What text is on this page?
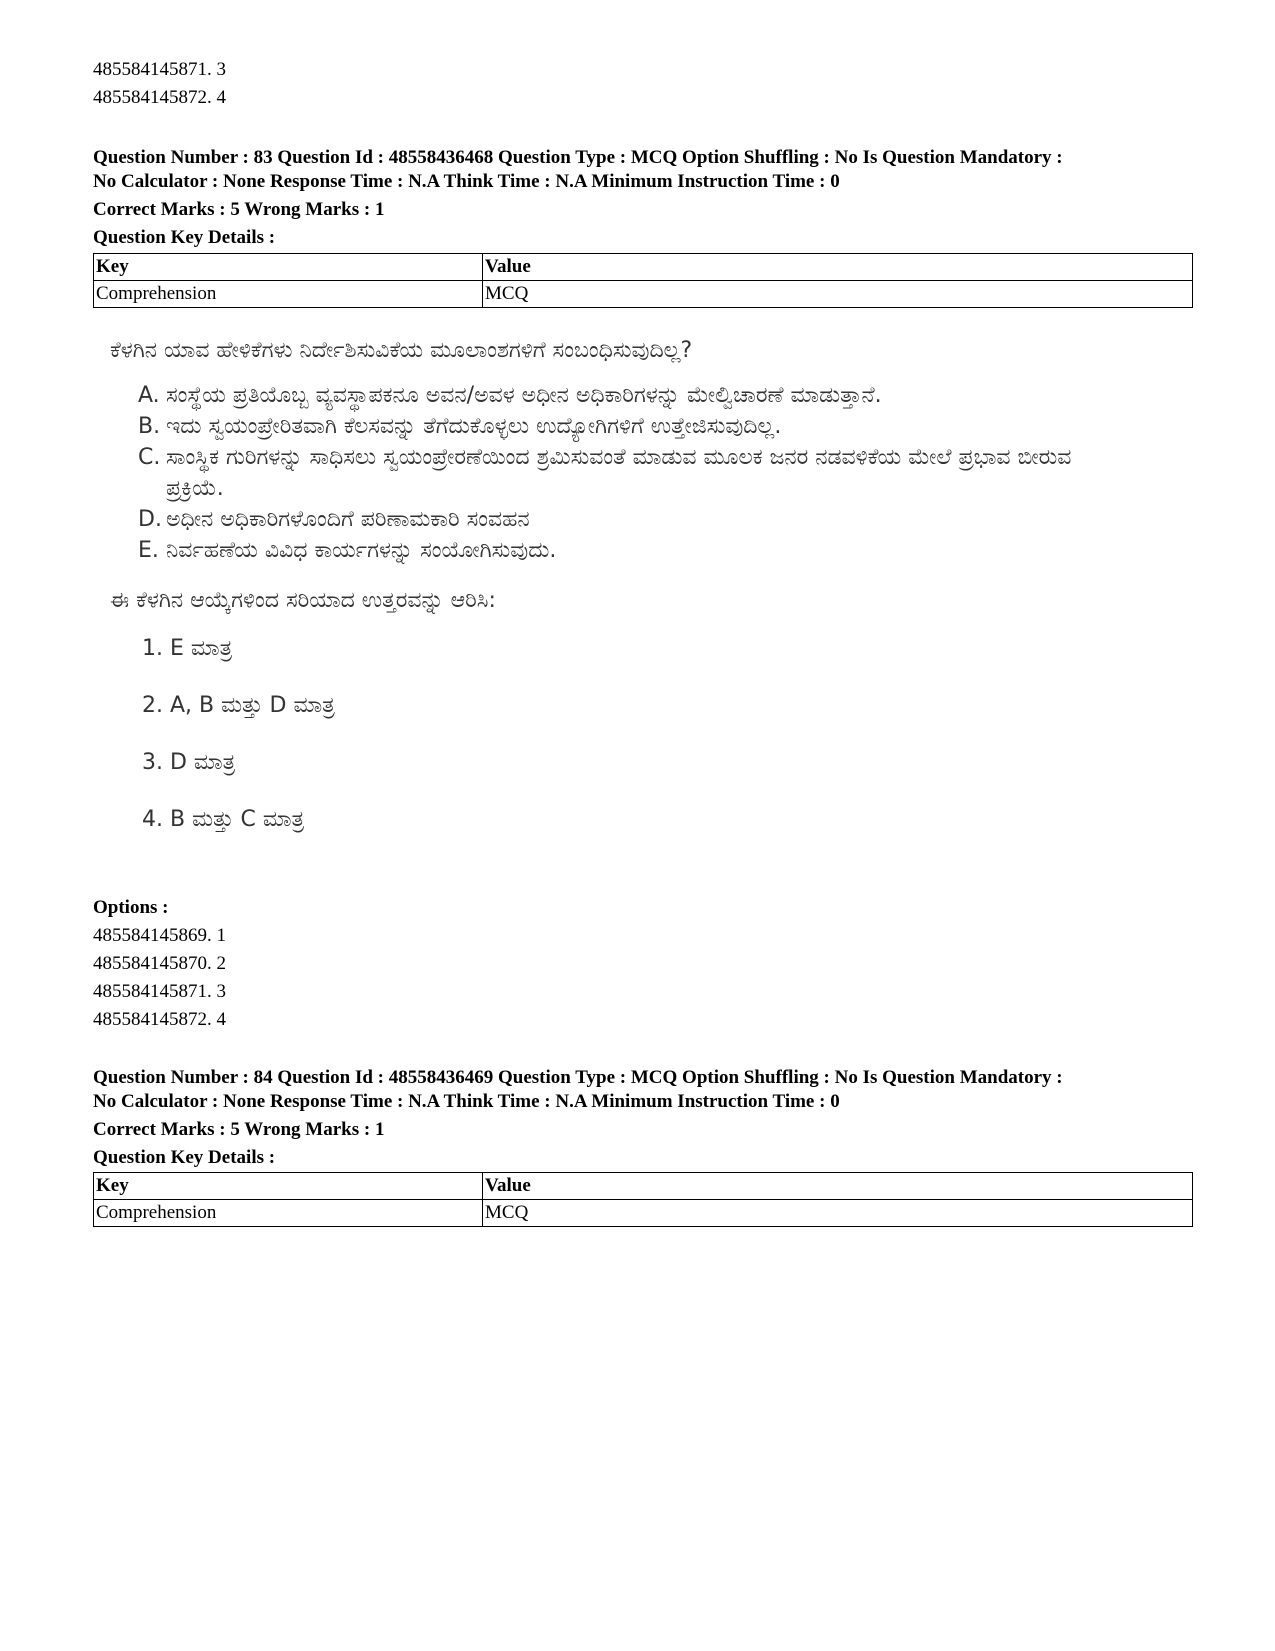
485584145871. 3
485584145872. 4
Question Number : 83 Question Id : 48558436468 Question Type : MCQ Option Shuffling : No Is Question Mandatory :
No Calculator : None Response Time : N.A Think Time : N.A Minimum Instruction Time : 0
Correct Marks : 5 Wrong Marks : 1
Question Key Details :
Key	Value
Comprehension	MCQ
Options :
485584145869. 1
485584145870. 2
485584145871. 3
485584145872. 4
Question Number : 84 Question Id : 48558436469 Question Type : MCQ Option Shuffling : No Is Question Mandatory :
No Calculator : None Response Time : N.A Think Time : N.A Minimum Instruction Time : 0
Correct Marks : 5 Wrong Marks : 1
Question Key Details :
Key	Value
Comprehension	MCQ
ಕೆಳಗಿನ ಯಾವ ಹೇಳಿಕೆಗಳು ನಿರ್ದೇಶಿಸುವಿಕೆಯ ಮೂಲಾಂಶಗಳಿಗೆ ಸಂಬಂಧಿಸುವುದಿಲ್ಲ?
A. ಸಂಸ್ಥೆಯ ಪ್ರತಿಯೊಬ್ಬ ವ್ಯವಸ್ಥಾಪಕನೂ ಅವನ/ಅವಳ ಅಧೀನ ಅಧಿಕಾರಿಗಳನ್ನು ಮೇಲ್ವಿಚಾರಣೆ ಮಾಡುತ್ತಾನೆ.
B. ಇದು ಸ್ವಯಂಪ್ರೇರಿತವಾಗಿ ಕೆಲಸವನ್ನು ತೆಗೆದುಕೊಳ್ಳಲು ಉದ್ಯೋಗಿಗಳಿಗೆ ಉತ್ತೇಜಿಸುವುದಿಲ್ಲ.
C. ಸಾಂಸ್ಥಿಕ ಗುರಿಗಳನ್ನು ಸಾಧಿಸಲು ಸ್ವಯಂಪ್ರೇರಣೆಯಿಂದ ಶ್ರಮಿಸುವಂತೆ ಮಾಡುವ ಮೂಲಕ ಜನರ ನಡವಳಿಕೆಯ ಮೇಲೆ ಪ್ರಭಾವ ಬೀರುವ ಪ್ರಕ್ರಿಯೆ.
D. ಅಧೀನ ಅಧಿಕಾರಿಗಳೊಂದಿಗೆ ಪರಿಣಾಮಕಾರಿ ಸಂವಹನ
E. ನಿರ್ವಹಣೆಯ ವಿವಿಧ ಕಾರ್ಯಗಳನ್ನು ಸಂಯೋಗಿಸುವುದು.
ಈ ಕೆಳಗಿನ ಆಯ್ಕೆಗಳಿಂದ ಸರಿಯಾದ ಉತ್ತರವನ್ನು ಆರಿಸಿ:
1. E ಮಾತ್ರ
2. A, B ಮತ್ತು D ಮಾತ್ರ
3. D ಮಾತ್ರ
4. B ಮತ್ತು C ಮಾತ್ರ
